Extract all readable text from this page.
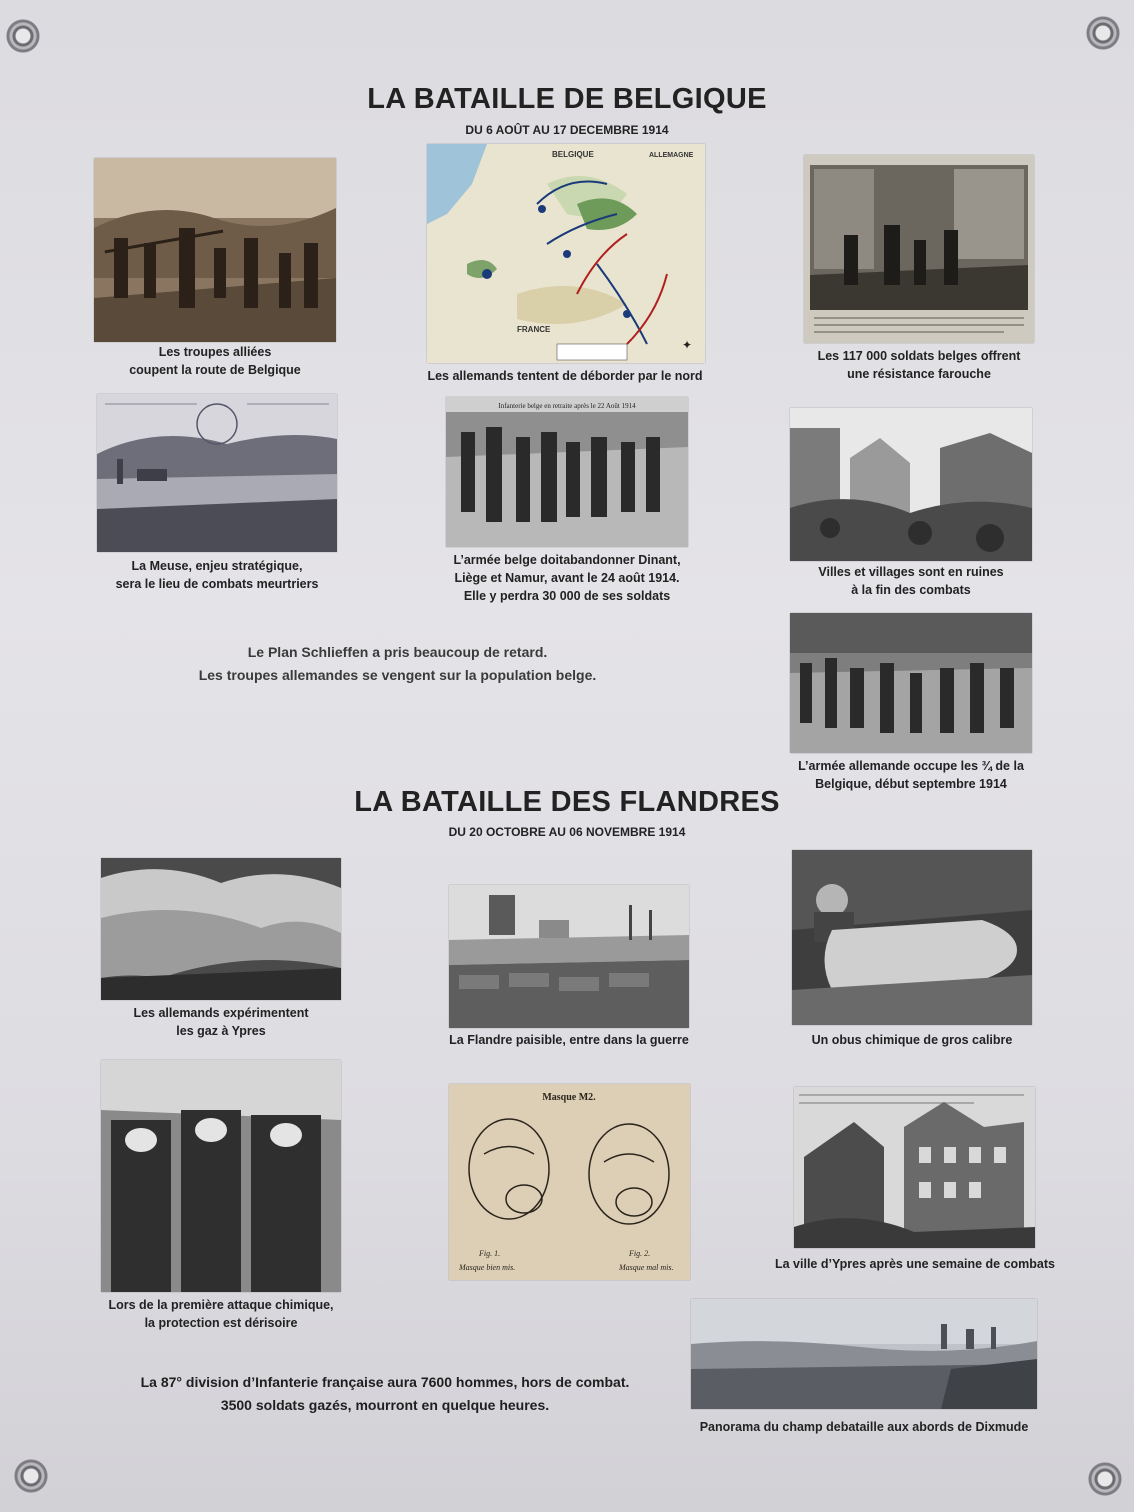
LA BATAILLE DE BELGIQUE
DU 6 AOÛT AU 17 DECEMBRE 1914
Les troupes alliées
coupent la route de Belgique
BELGIQUE	ALLEMAGNE
FRANCE
✦
Les allemands tentent de déborder par le nord
Les 117 000 soldats belges offrent
une résistance farouche
La Meuse, enjeu stratégique,
sera le lieu de combats meurtriers
Infanterie belge en retraite après le 22 Août 1914
L’armée belge doitabandonner Dinant,
Liège et Namur, avant le 24 août 1914.
Elle y perdra 30 000 de ses soldats
Villes et villages sont en ruines
à la fin des combats
Le Plan Schlieffen a pris beaucoup de retard.
Les troupes allemandes se vengent sur la population belge.
L’armée allemande occupe les ¾ de la
Belgique, début septembre 1914
LA BATAILLE DES FLANDRES
DU 20 OCTOBRE AU 06 NOVEMBRE 1914
Les allemands expérimentent
les gaz à Ypres
La Flandre paisible, entre dans la guerre	Un obus chimique de gros calibre
Lors de la première attaque chimique,
la protection est dérisoire
Masque M2.
Fig. 1.
Masque bien mis.
Fig. 2.
Masque mal mis.	La ville d’Ypres après une semaine de combats
Panorama du champ debataille aux abords de Dixmude
La 87° division d’Infanterie française aura 7600 hommes, hors de combat.
3500 soldats gazés, mourront en quelque heures.
